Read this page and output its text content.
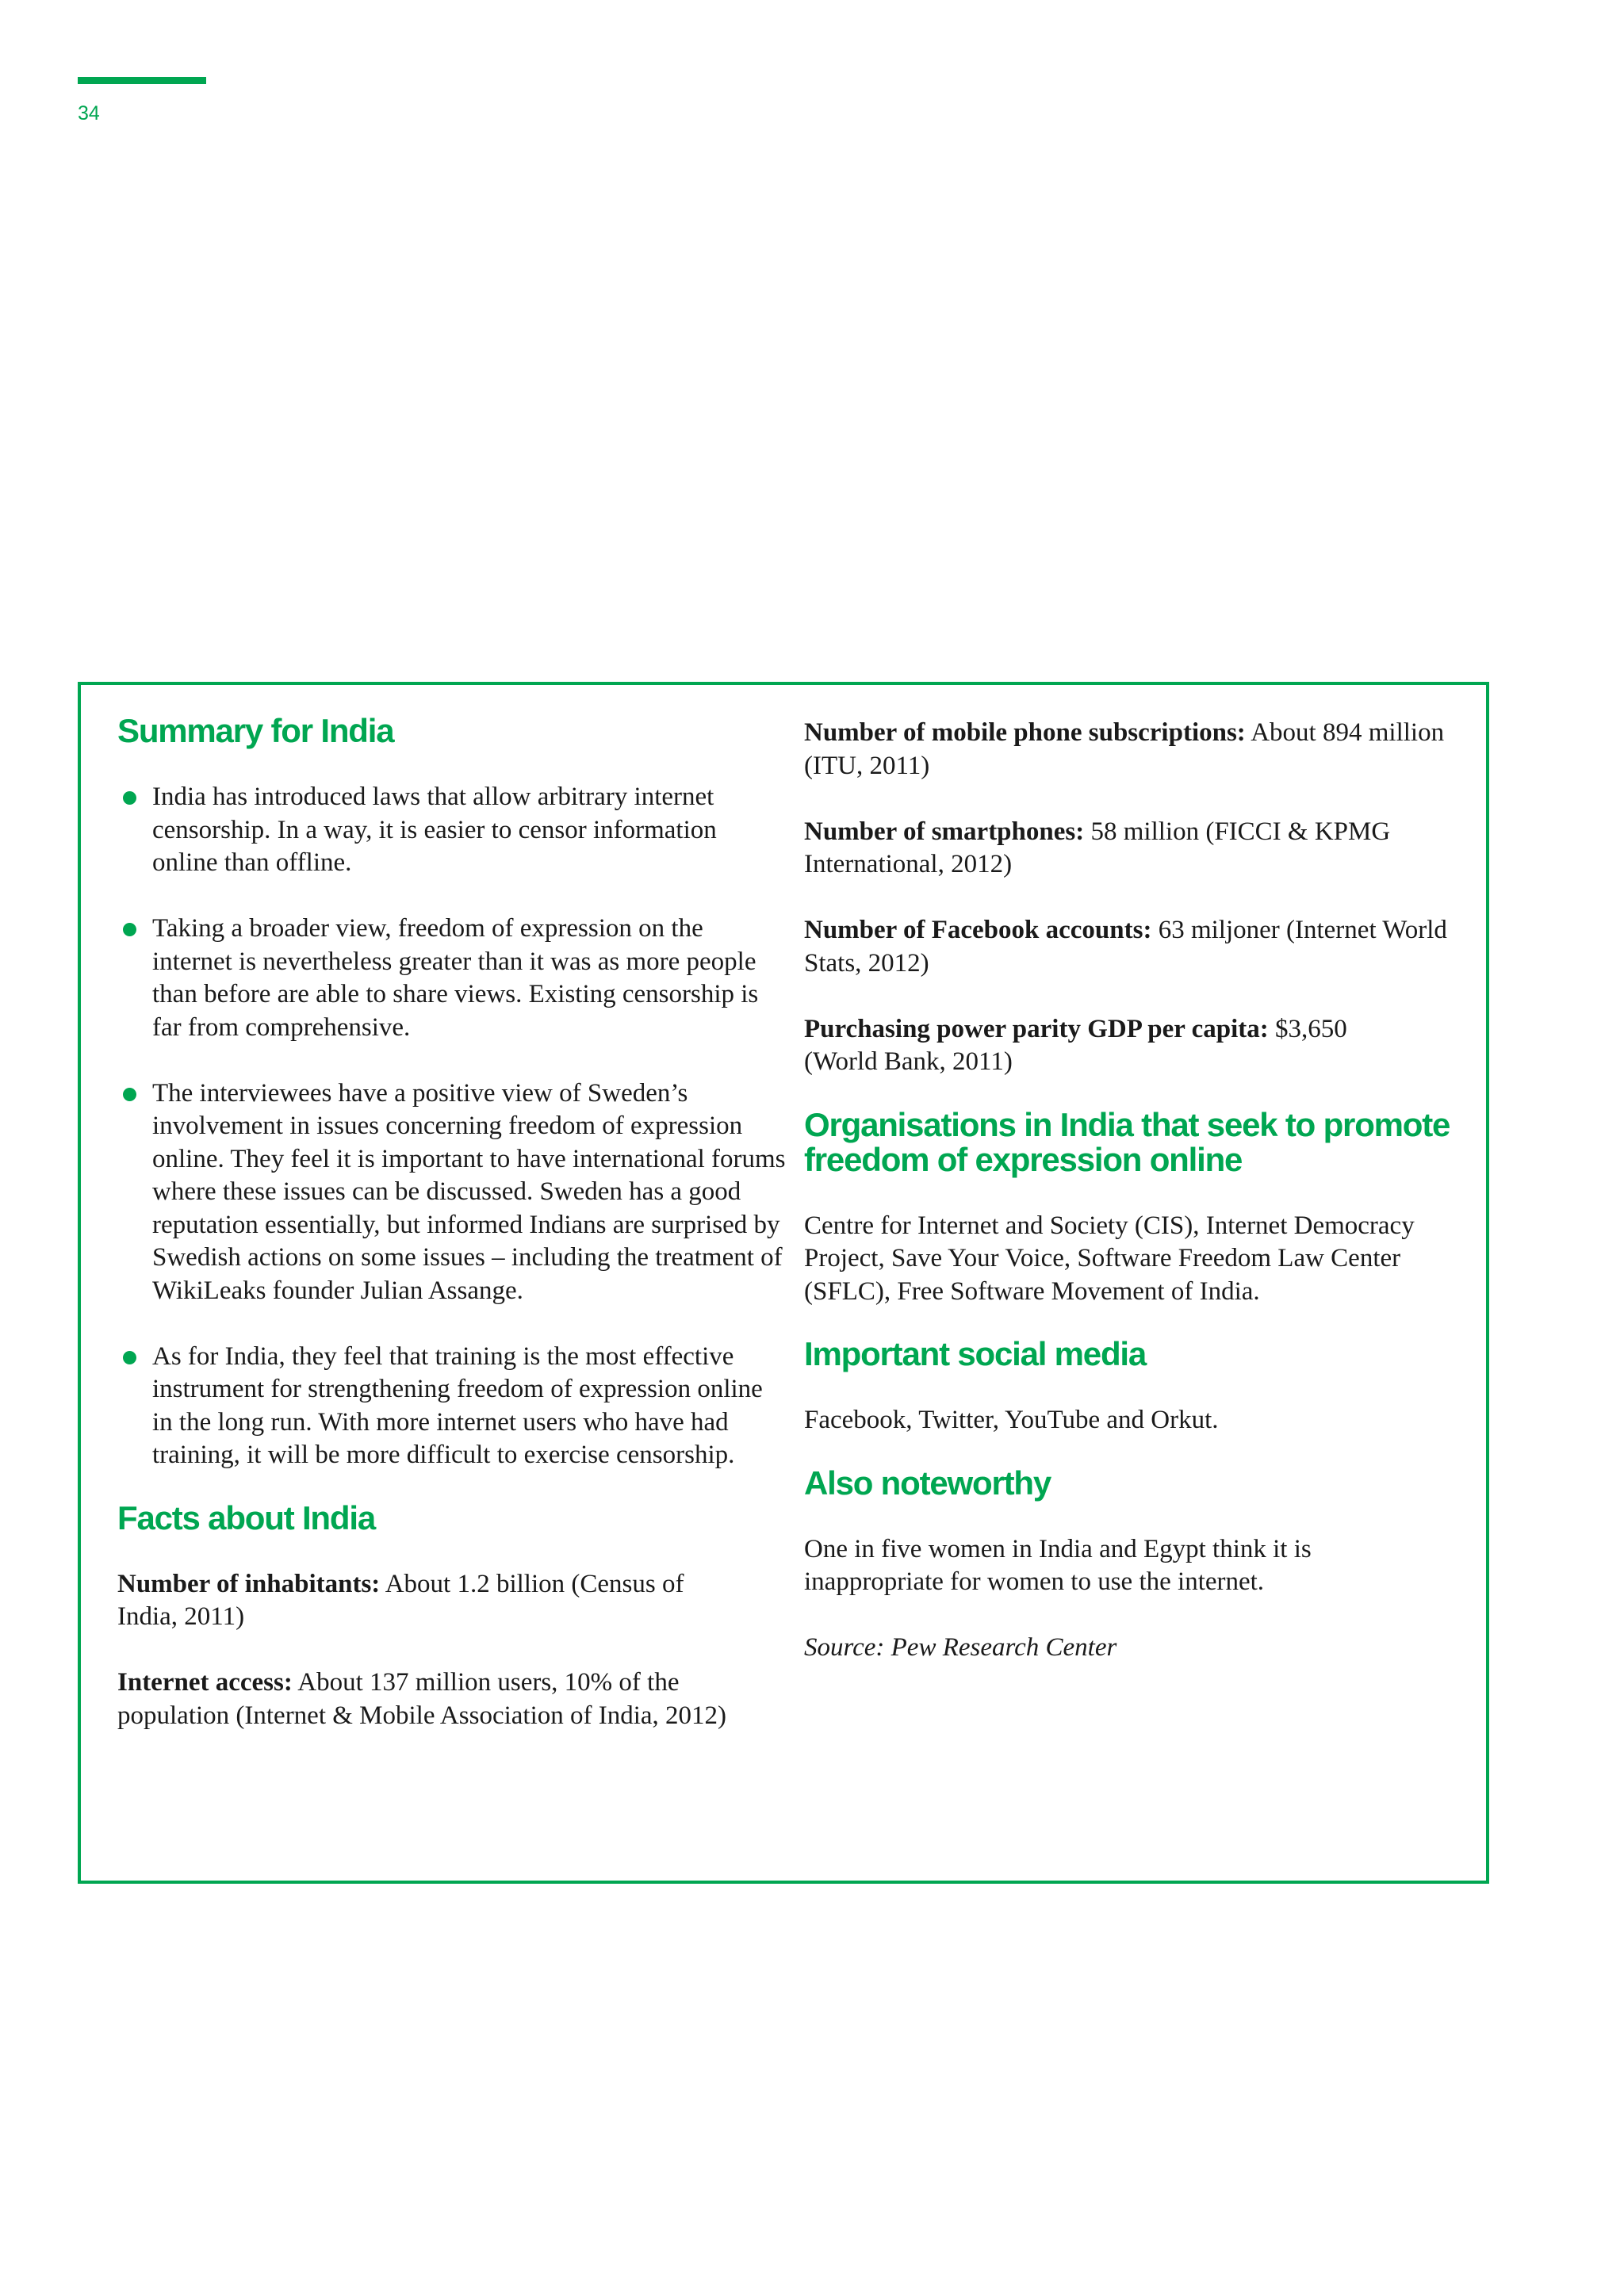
34
Summary for India
India has introduced laws that allow arbitrary internet censorship. In a way, it is easier to censor information online than offline.
Taking a broader view, freedom of expression on the internet is nevertheless greater than it was as more people than before are able to share views. Existing censorship is far from comprehensive.
The interviewees have a positive view of Sweden’s involvement in issues concerning freedom of expression online. They feel it is important to have international forums where these issues can be discussed. Sweden has a good reputation essentially, but informed Indians are surprised by Swedish actions on some issues – including the treatment of WikiLeaks founder Julian Assange.
As for India, they feel that training is the most effective instrument for strengthening freedom of expression online in the long run. With more internet users who have had training, it will be more difficult to exercise censorship.
Facts about India

Number of inhabitants: About 1.2 billion (Census of India, 2011)

Internet access: About 137 million users, 10% of the population (Internet & Mobile Association of India, 2012)

Number of mobile phone subscriptions: About 894 million (ITU, 2011)

Number of smartphones: 58 million (FICCI & KPMG International, 2012)

Number of Facebook accounts: 63 miljoner (Internet World Stats, 2012)

Purchasing power parity GDP per capita: $3,650 (World Bank, 2011)

Organisations in India that seek to promote freedom of expression online

Centre for Internet and Society (CIS), Internet Democracy Project, Save Your Voice, Software Freedom Law Center (SFLC), Free Software Movement of India.

Important social media

Facebook, Twitter, YouTube and Orkut.

Also noteworthy

One in five women in India and Egypt think it is inappropriate for women to use the internet.

Source: Pew Research Center
